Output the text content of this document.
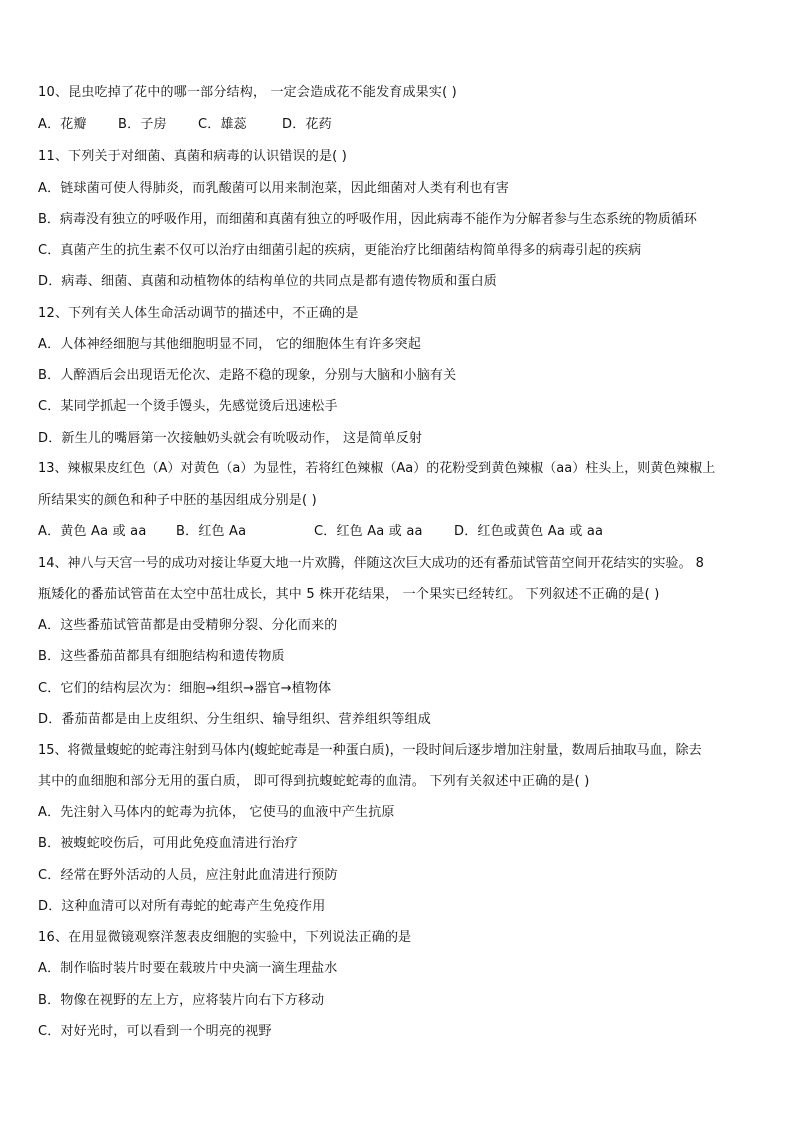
10、昆虫吃掉了花中的哪一部分结构， 一定会造成花不能发育成果实( )
A．花瓣 B．子房 C．雄蕊	D．花药
11、下列关于对细菌、真菌和病毒的认识错误的是( )
A．链球菌可使人得肺炎，而乳酸菌可以用来制泡菜，因此细菌对人类有利也有害
B．病毒没有独立的呼吸作用，而细菌和真菌有独立的呼吸作用，因此病毒不能作为分解者参与生态系统的物质循环
C．真菌产生的抗生素不仅可以治疗由细菌引起的疾病，更能治疗比细菌结构简单得多的病毒引起的疾病
D．病毒、细菌、真菌和动植物体的结构单位的共同点是都有遗传物质和蛋白质
12、下列有关人体生命活动调节的描述中，不正确的是
A．人体神经细胞与其他细胞明显不同， 它的细胞体生有许多突起
B．人醉酒后会出现语无伦次、走路不稳的现象，分别与大脑和小脑有关
C．某同学抓起一个烫手馒头，先感觉烫后迅速松手
D．新生儿的嘴唇第一次接触奶头就会有吮吸动作， 这是简单反射
13、辣椒果皮红色（A）对黄色（a）为显性，若将红色辣椒（Aa）的花粉受到黄色辣椒（aa）柱头上，则黄色辣椒上
所结果实的颜色和种子中胚的基因组成分别是( )
A．黄色 Aa 或 aa B．红色 Aa	C．红色 Aa 或 aa D．红色或黄色 Aa 或 aa
14、神八与天宫一号的成功对接让华夏大地一片欢腾，伴随这次巨大成功的还有番茄试管苗空间开花结实的实验。 8
瓶矮化的番茄试管苗在太空中茁壮成长，其中 5 株开花结果， 一个果实已经转红。 下列叙述不正确的是( )
A．这些番茄试管苗都是由受精卵分裂、分化而来的
B．这些番茄苗都具有细胞结构和遗传物质
C．它们的结构层次为：细胞→组织→器官→植物体
D．番茄苗都是由上皮组织、分生组织、输导组织、营养组织等组成
15、将微量蝮蛇的蛇毒注射到马体内(蝮蛇蛇毒是一种蛋白质)，一段时间后逐步增加注射量，数周后抽取马血，除去
其中的血细胞和部分无用的蛋白质， 即可得到抗蝮蛇蛇毒的血清。 下列有关叙述中正确的是( )
A．先注射入马体内的蛇毒为抗体， 它使马的血液中产生抗原
B．被蝮蛇咬伤后，可用此免疫血清进行治疗
C．经常在野外活动的人员，应注射此血清进行预防
D．这种血清可以对所有毒蛇的蛇毒产生免疫作用
16、在用显微镜观察洋葱表皮细胞的实验中，下列说法正确的是
A．制作临时装片时要在载玻片中央滴一滴生理盐水
B．物像在视野的左上方，应将装片向右下方移动
C．对好光时，可以看到一个明亮的视野
